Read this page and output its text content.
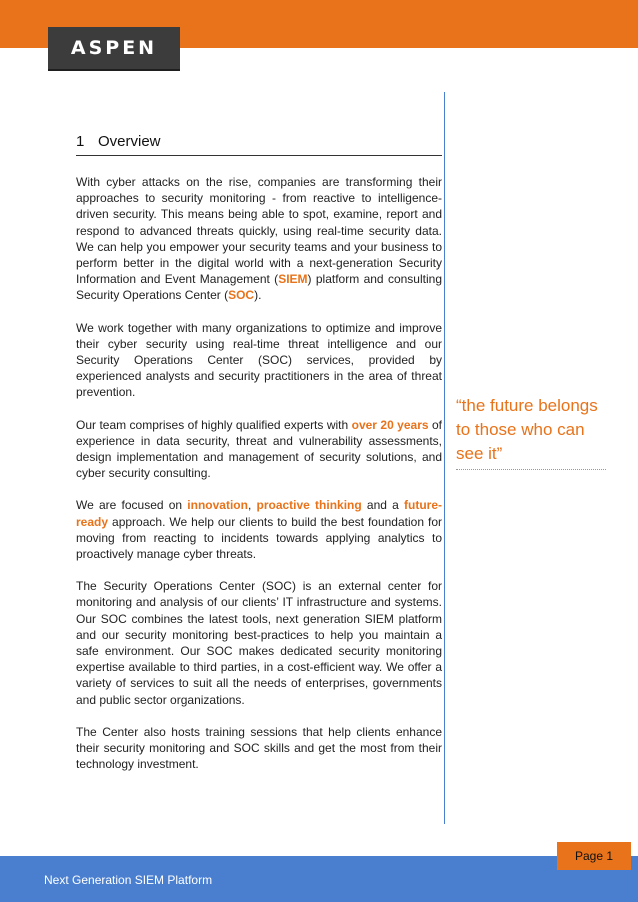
ASPEN
1 Overview

With cyber attacks on the rise, companies are transforming their approaches to security monitoring - from reactive to intelligence-driven security. This means being able to spot, examine, report and respond to advanced threats quickly, using real-time security data. We can help you empower your security teams and your business to perform better in the digital world with a next-generation Security Information and Event Management (SIEM) platform and consulting Security Operations Center (SOC).

We work together with many organizations to optimize and improve their cyber security using real-time threat intelligence and our Security Operations Center (SOC) services, provided by experienced analysts and security practitioners in the area of threat prevention.

Our team comprises of highly qualified experts with over 20 years of experience in data security, threat and vulnerability assessments, design implementation and management of security solutions, and cyber security consulting.

We are focused on innovation, proactive thinking and a future-ready approach. We help our clients to build the best foundation for moving from reacting to incidents towards applying analytics to proactively manage cyber threats.

The Security Operations Center (SOC) is an external center for monitoring and analysis of our clients’ IT infrastructure and systems. Our SOC combines the latest tools, next generation SIEM platform and our security monitoring best-practices to help you maintain a safe environment. Our SOC makes dedicated security monitoring expertise available to third parties, in a cost-efficient way. We offer a variety of services to suit all the needs of enterprises, governments and public sector organizations.

The Center also hosts training sessions that help clients enhance their security monitoring and SOC skills and get the most from their technology investment.

“the future belongs to those who can see it”
Page 1
Next Generation SIEM Platform
